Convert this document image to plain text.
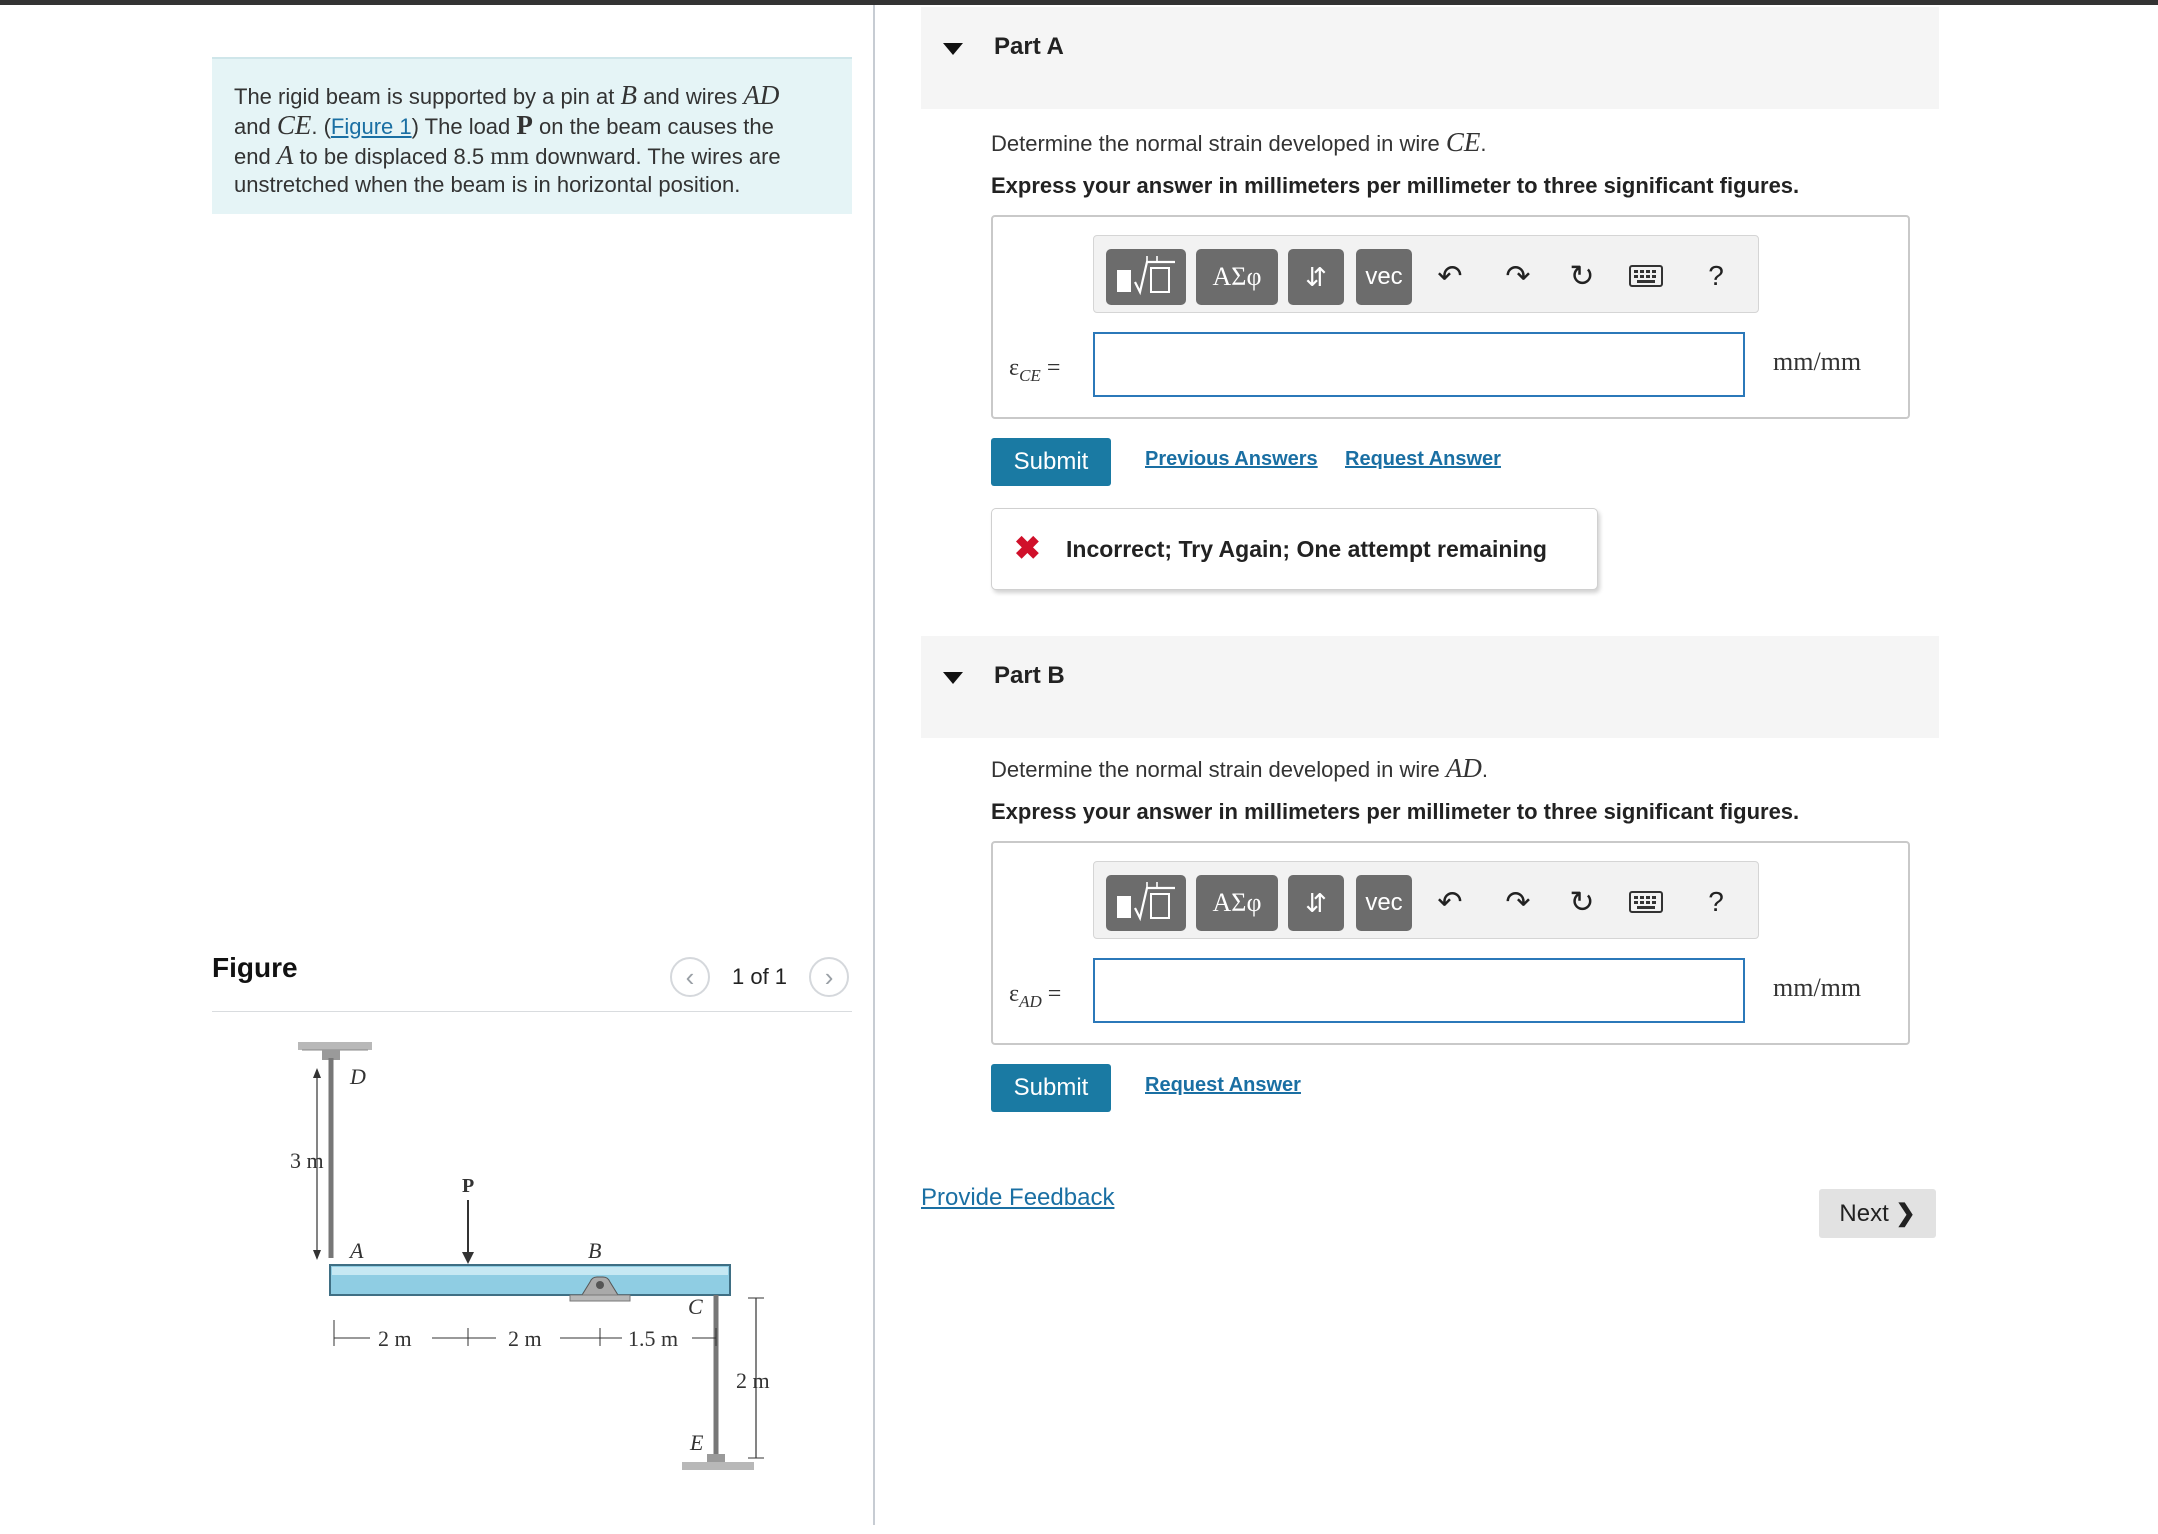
The rigid beam is supported by a pin at B and wires AD
and CE. (Figure 1) The load P on the beam causes the
end A to be displaced 8.5 mm downward. The wires are
unstretched when the beam is in horizontal position.
Figure	‹	1 of 1	›
D
3 m
P
A	B
C
E
2 m
2 m	2 m	1.5 m
Part A
Determine the normal strain developed in wire CE.
Express your answer in millimeters per millimeter to three significant figures.
ΑΣφ	⇵	vec	↶	↷	↻	?
$\varepsilon_{CE}$ =	mm/mm
Submit	Previous Answers Request Answer
✖ Incorrect; Try Again; One attempt remaining
Part B
Determine the normal strain developed in wire AD.
Express your answer in millimeters per millimeter to three significant figures.
ΑΣφ	⇵	vec	↶	↷	↻	?
$\varepsilon_{AD}$ =	mm/mm
Submit	Request Answer
Provide Feedback
Next ❯
